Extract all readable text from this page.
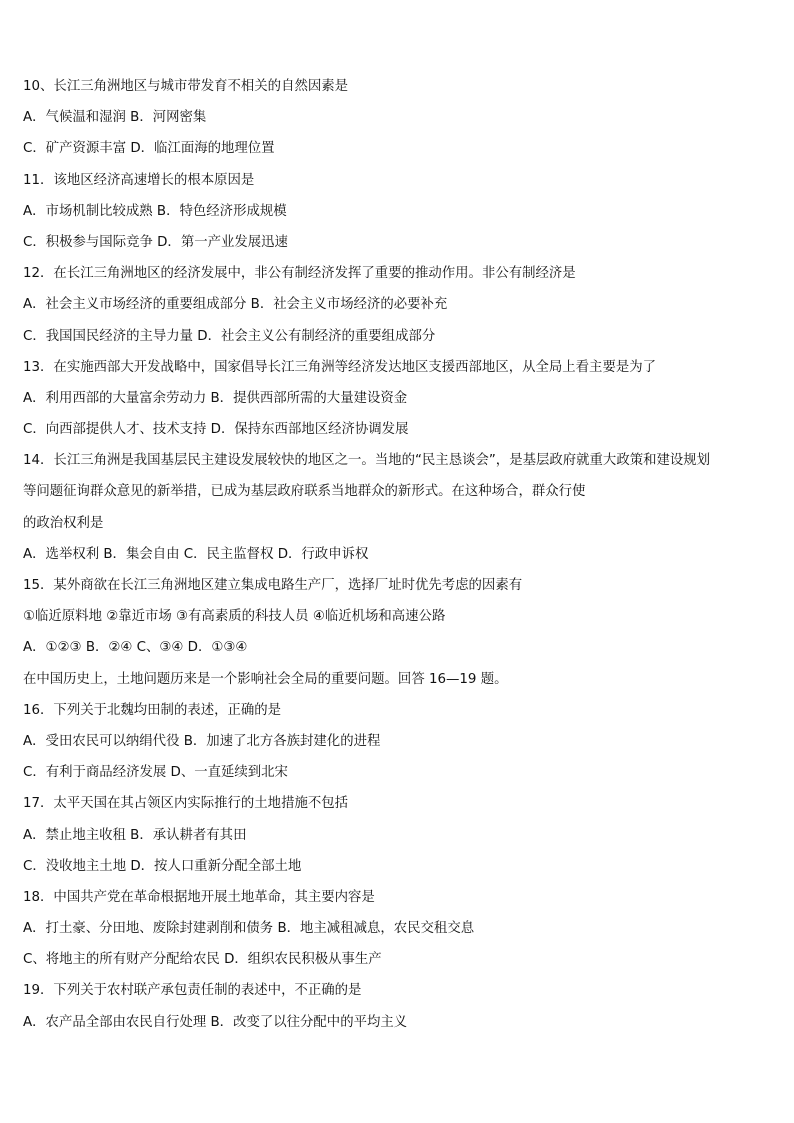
10、长江三角洲地区与城市带发育不相关的自然因素是
A．气候温和湿润 B．河网密集
C．矿产资源丰富 D．临江面海的地理位置
11．该地区经济高速增长的根本原因是
A．市场机制比较成熟 B．特色经济形成规模
C．积极参与国际竞争 D．第一产业发展迅速
12．在长江三角洲地区的经济发展中，非公有制经济发挥了重要的推动作用。非公有制经济是
A．社会主义市场经济的重要组成部分 B．社会主义市场经济的必要补充
C．我国国民经济的主导力量 D．社会主义公有制经济的重要组成部分
13．在实施西部大开发战略中，国家倡导长江三角洲等经济发达地区支援西部地区，从全局上看主要是为了
A．利用西部的大量富余劳动力 B．提供西部所需的大量建设资金
C．向西部提供人才、技术支持 D．保持东西部地区经济协调发展
14．长江三角洲是我国基层民主建设发展较快的地区之一。当地的“民主恳谈会”，是基层政府就重大政策和建设规划
等问题征询群众意见的新举措，已成为基层政府联系当地群众的新形式。在这种场合，群众行使
的政治权利是
A．选举权利 B．集会自由 C．民主监督权 D．行政申诉权
15．某外商欲在长江三角洲地区建立集成电路生产厂，选择厂址时优先考虑的因素有
①临近原料地 ②靠近市场 ③有高素质的科技人员 ④临近机场和高速公路
A．①②③ B．②④ C、③④ D．①③④
在中国历史上，土地问题历来是一个影响社会全局的重要问题。回答 16—19 题。
16．下列关于北魏均田制的表述，正确的是
A．受田农民可以纳绢代役 B．加速了北方各族封建化的进程
C．有利于商品经济发展 D、一直延续到北宋
17．太平天国在其占领区内实际推行的土地措施不包括
A．禁止地主收租 B．承认耕者有其田
C．没收地主土地 D．按人口重新分配全部土地
18．中国共产党在革命根据地开展土地革命，其主要内容是
A．打土豪、分田地、废除封建剥削和债务 B．地主减租减息，农民交租交息
C、将地主的所有财产分配给农民 D．组织农民积极从事生产
19．下列关于农村联产承包责任制的表述中，不正确的是
A．农产品全部由农民自行处理 B．改变了以往分配中的平均主义
